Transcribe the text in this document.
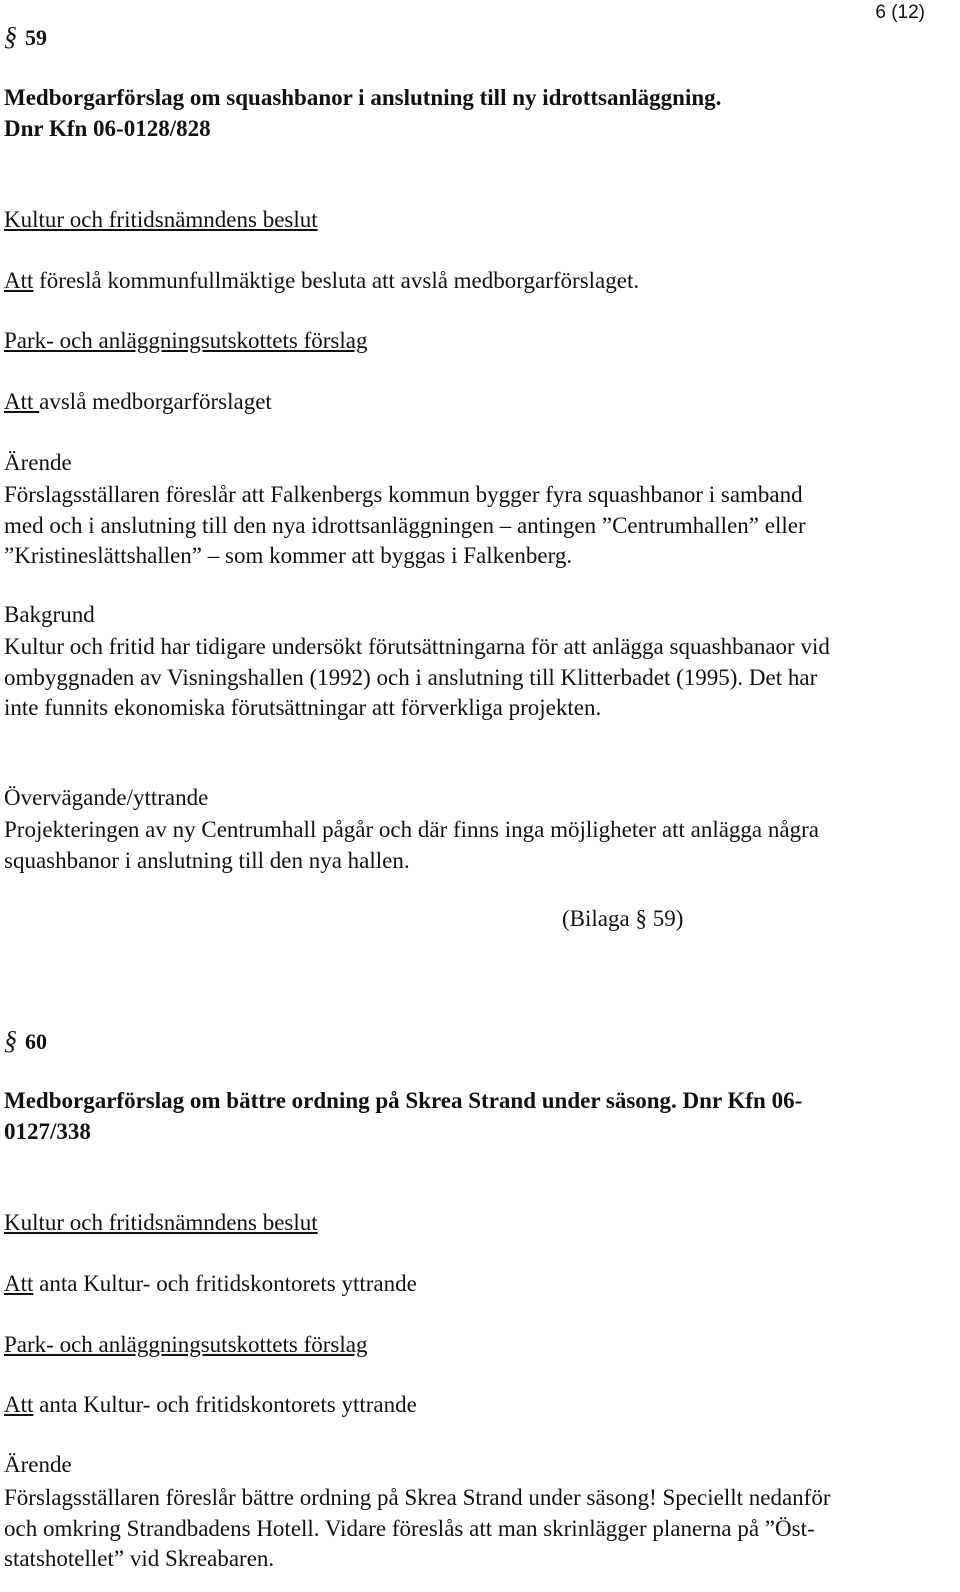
6 (12)
§ 59
Medborgarförslag om squashbanor i anslutning till ny idrottsanläggning.
Dnr Kfn 06-0128/828
Kultur och fritidsnämndens beslut
Att föreslå kommunfullmäktige besluta att avslå medborgarförslaget.
Park- och anläggningsutskottets förslag
Att avslå medborgarförslaget
Ärende
Förslagsställaren föreslår att Falkenbergs kommun bygger fyra squashbanor i samband
med och i anslutning till den nya idrottsanläggningen – antingen ”Centrumhallen” eller
”Kristineslättshallen” – som kommer att byggas i Falkenberg.
Bakgrund
Kultur och fritid har tidigare undersökt förutsättningarna för att anlägga squashbanaor vid
ombyggnaden av Visningshallen (1992) och i anslutning till Klitterbadet (1995). Det har
inte funnits ekonomiska förutsättningar att förverkliga projekten.
Övervägande/yttrande
Projekteringen av ny Centrumhall pågår och där finns inga möjligheter att anlägga några
squashbanor i anslutning till den nya hallen.
(Bilaga § 59)
§ 60
Medborgarförslag om bättre ordning på Skrea Strand under säsong. Dnr Kfn 06-
0127/338
Kultur och fritidsnämndens beslut
Att anta Kultur- och fritidskontorets yttrande
Park- och anläggningsutskottets förslag
Att anta Kultur- och fritidskontorets yttrande
Ärende
Förslagsställaren föreslår bättre ordning på Skrea Strand under säsong! Speciellt nedanför
och omkring Strandbadens Hotell. Vidare föreslås att man skrinlägger planerna på ”Öst-
statshotellet” vid Skreabaren.
